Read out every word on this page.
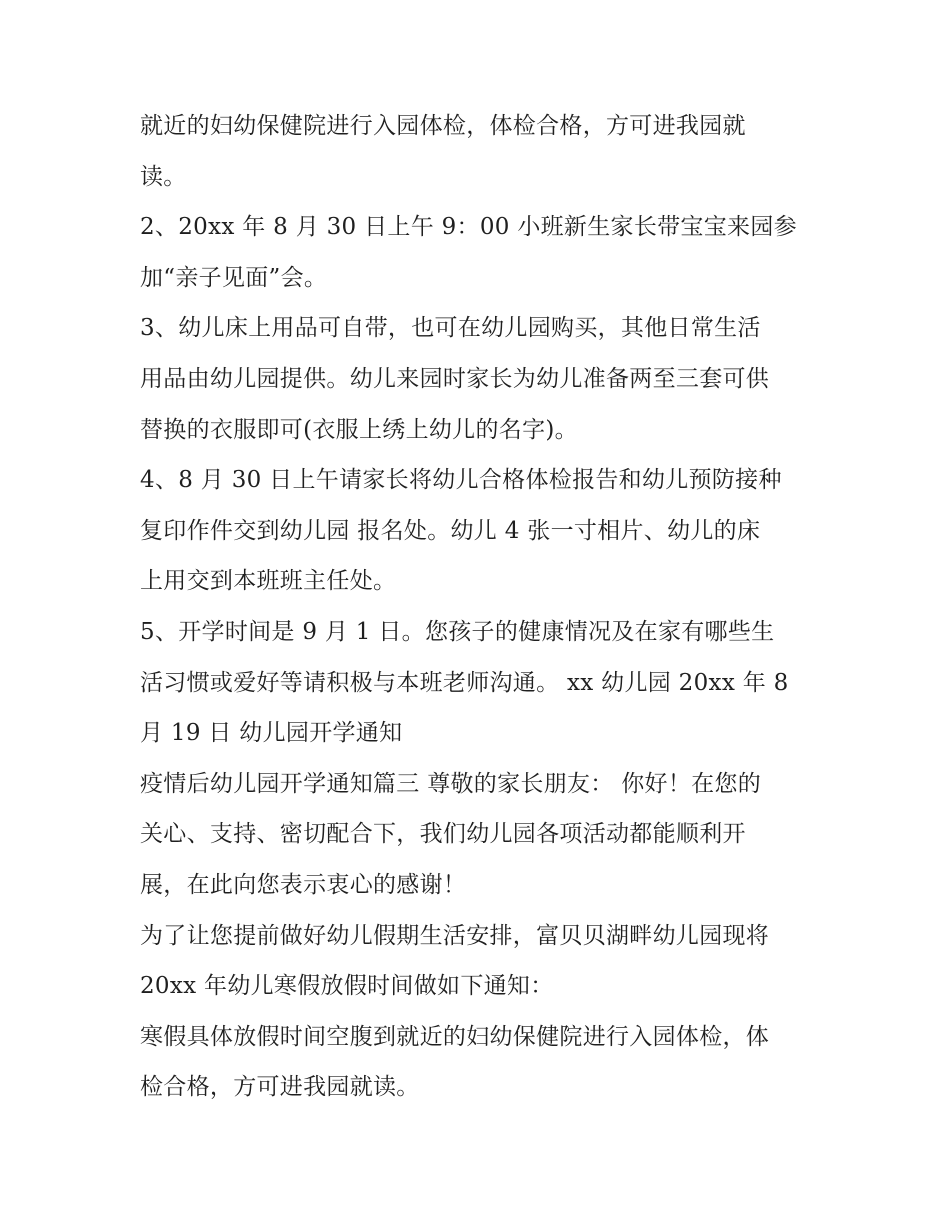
就近的妇幼保健院进行入园体检，体检合格，方可进我园就
读。
2、20xx 年 8 月 30 日上午 9：00 小班新生家长带宝宝来园参
加“亲子见面”会。
3、幼儿床上用品可自带，也可在幼儿园购买，其他日常生活
用品由幼儿园提供。幼儿来园时家长为幼儿准备两至三套可供
替换的衣服即可(衣服上绣上幼儿的名字)。
4、8 月 30 日上午请家长将幼儿合格体检报告和幼儿预防接种
复印作件交到幼儿园 报名处。幼儿 4 张一寸相片、幼儿的床
上用交到本班班主任处。
5、开学时间是 9 月 1 日。您孩子的健康情况及在家有哪些生
活习惯或爱好等请积极与本班老师沟通。 xx 幼儿园 20xx 年 8
月 19 日 幼儿园开学通知
疫情后幼儿园开学通知篇三 尊敬的家长朋友： 你好！在您的
关心、支持、密切配合下，我们幼儿园各项活动都能顺利开
展，在此向您表示衷心的感谢！
为了让您提前做好幼儿假期生活安排，富贝贝湖畔幼儿园现将
20xx 年幼儿寒假放假时间做如下通知：
寒假具体放假时间空腹到就近的妇幼保健院进行入园体检，体
检合格，方可进我园就读。
